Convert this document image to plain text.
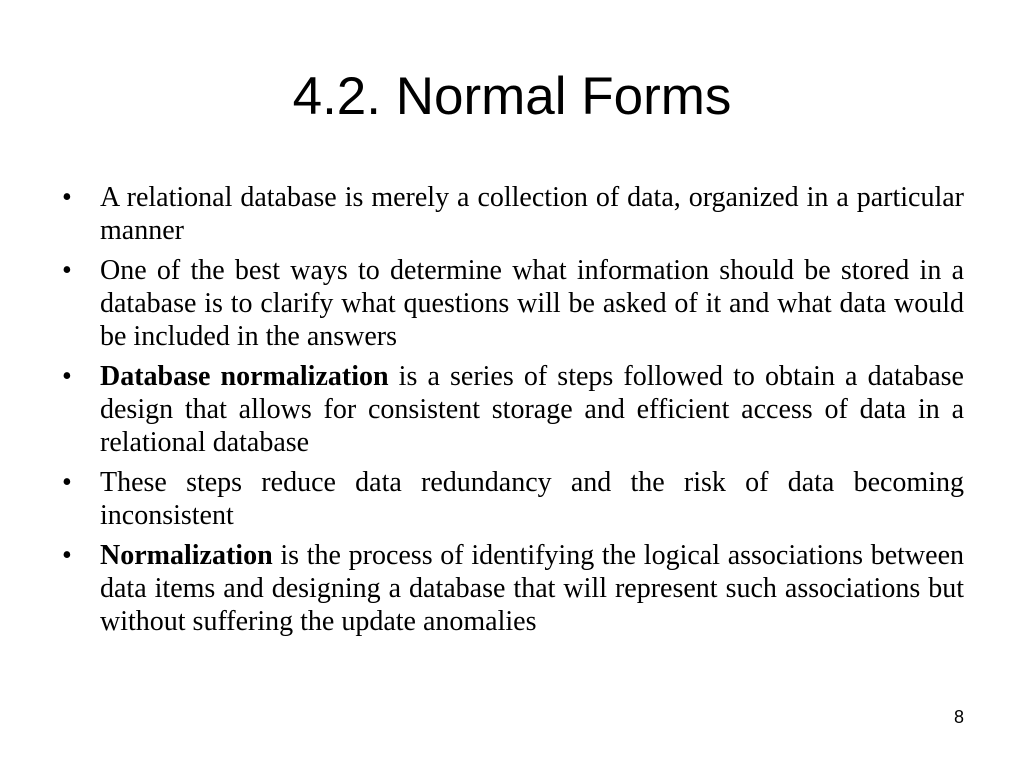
4.2. Normal Forms
•	A relational database is merely a collection of data, organized in a particular manner
•	One of the best ways to determine what information should be stored in a database is to clarify what questions will be asked of it and what data would be included in the answers
•	Database normalization is a series of steps followed to obtain a database design that allows for consistent storage and efficient access of data in a relational database
•	These steps reduce data redundancy and the risk of data becoming inconsistent
•	Normalization is the process of identifying the logical associations between data items and designing a database that will represent such associations but without suffering the update anomalies
8
